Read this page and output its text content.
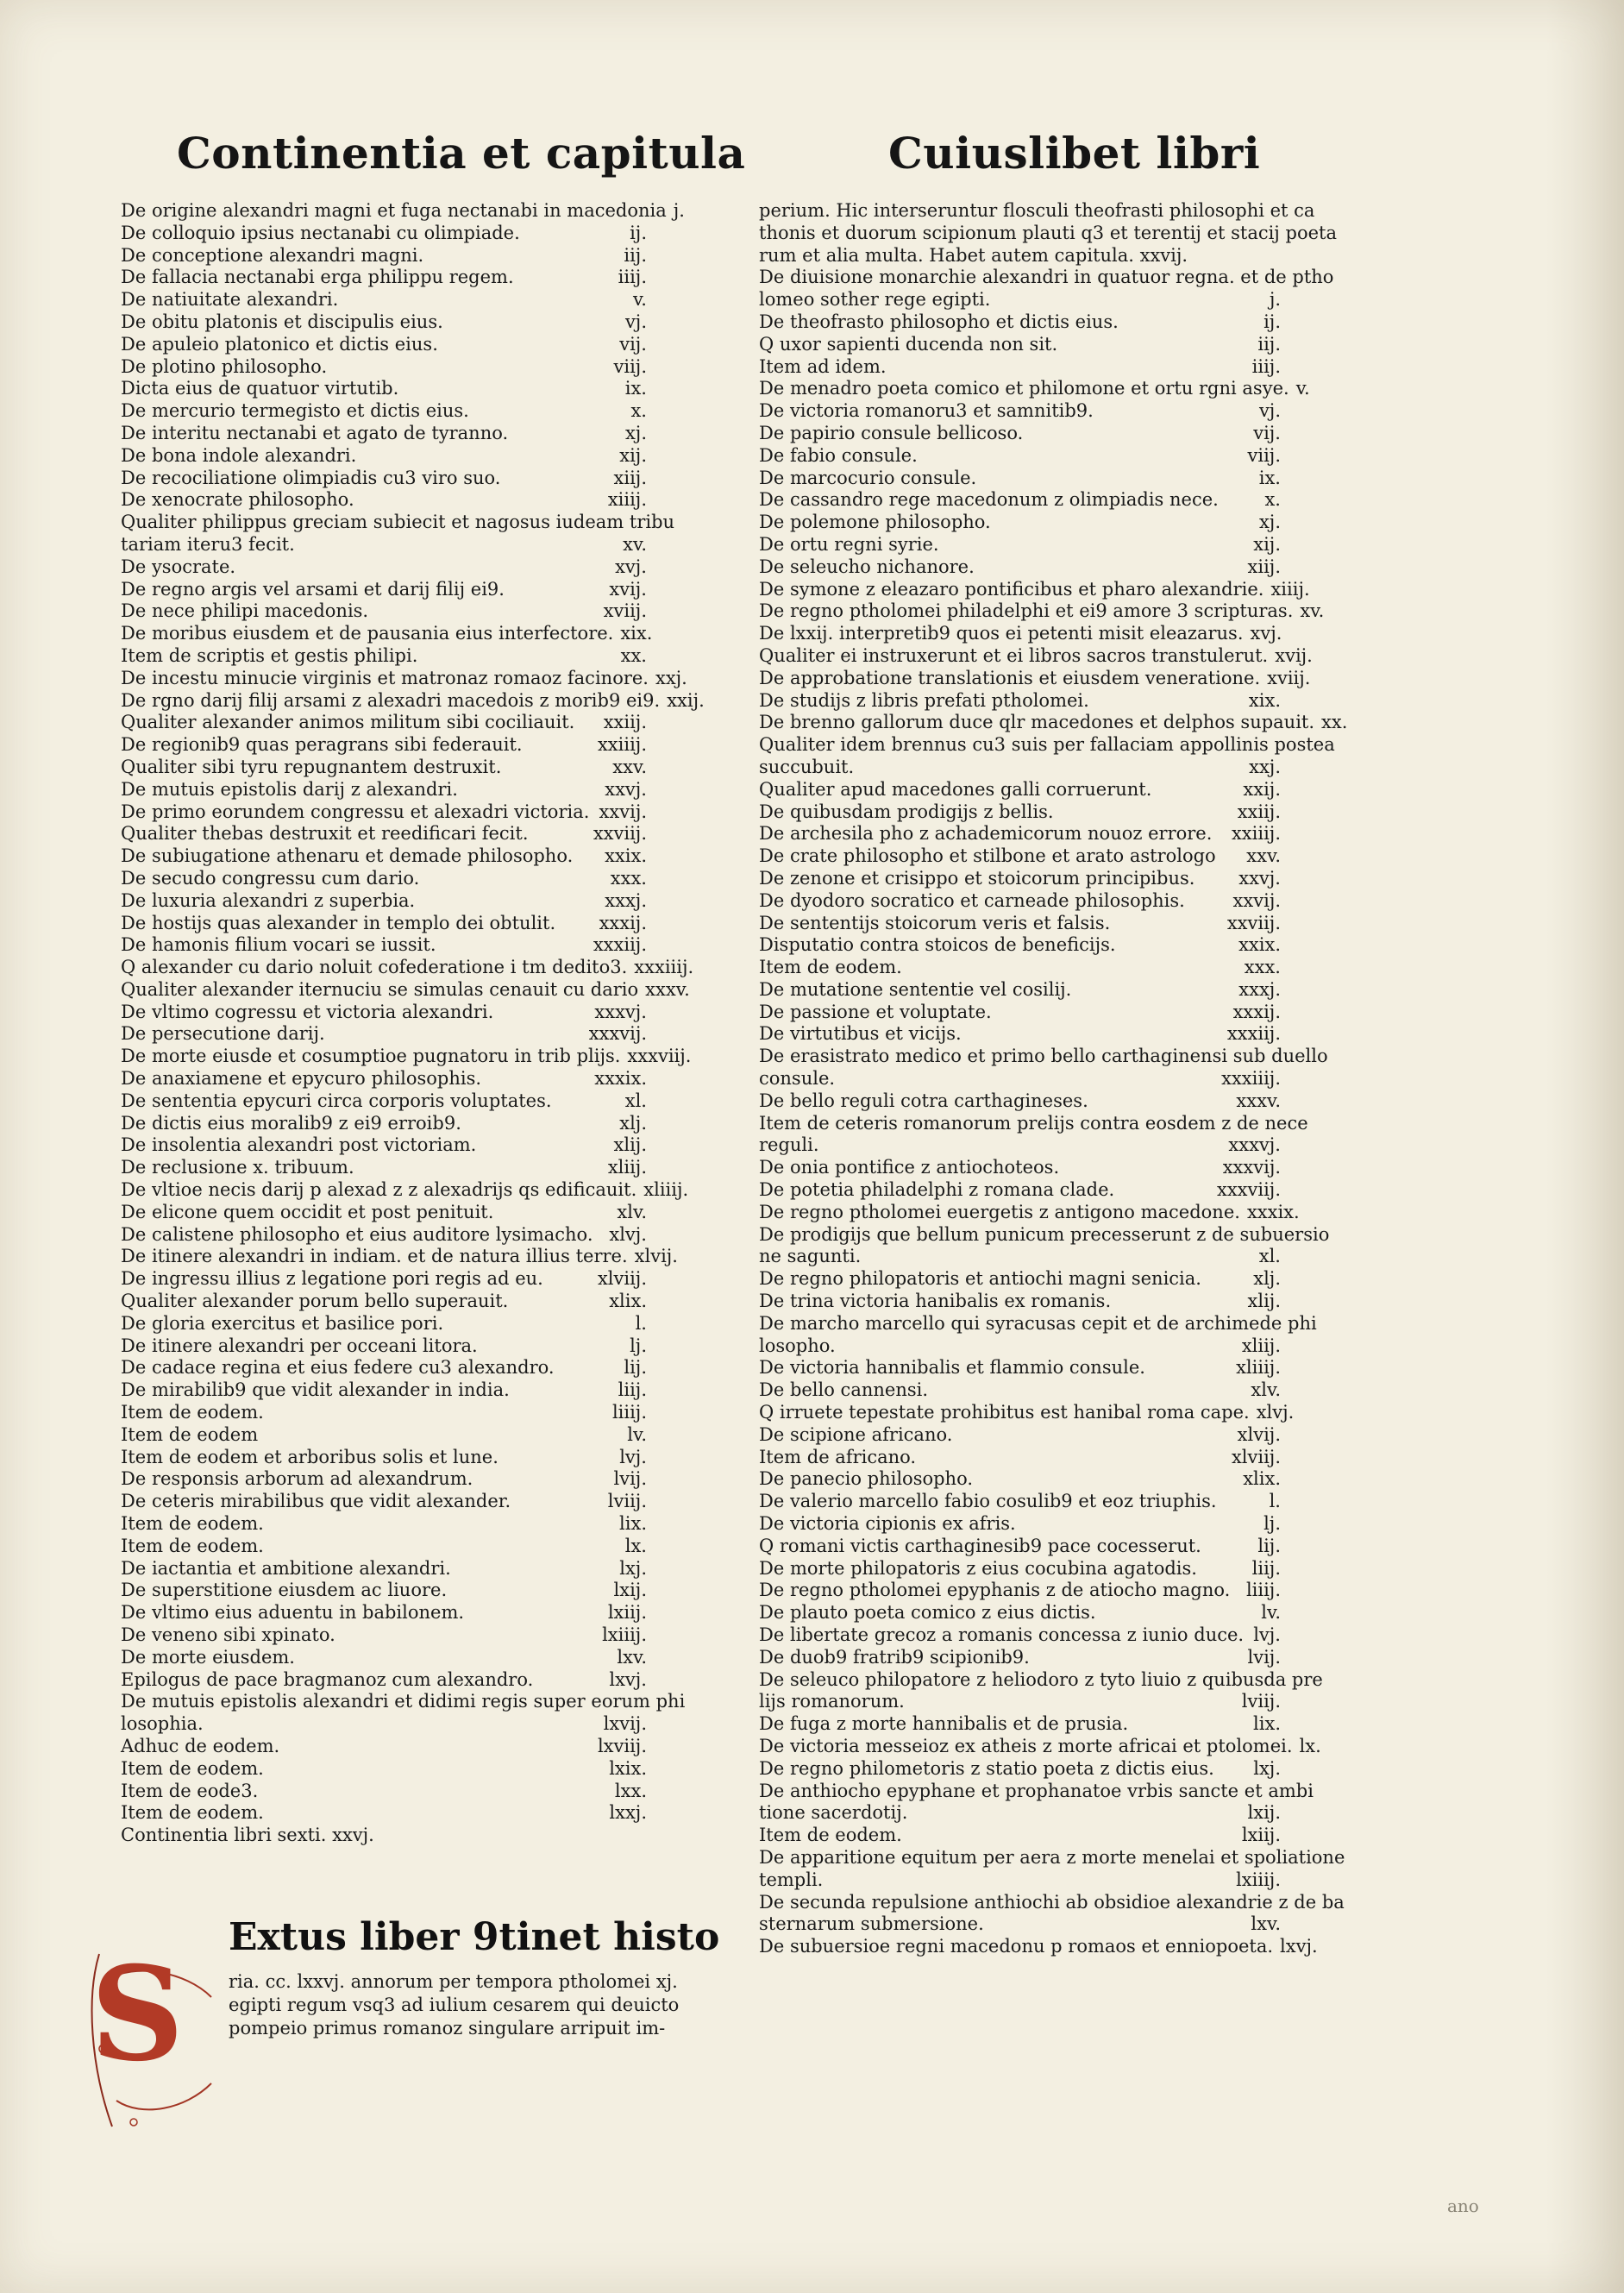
Continentia et capitula	Cuiuslibet libri
De origine alexandri magni et fuga nectanabi in macedonia j.
De colloquio ipsius nectanabi cu olimpiade.	ij.
De conceptione alexandri magni.	iij.
De fallacia nectanabi erga philippu regem.	iiij.
De natiuitate alexandri.	v.
De obitu platonis et discipulis eius.	vj.
De apuleio platonico et dictis eius.	vij.
De plotino philosopho.	viij.
Dicta eius de quatuor virtutib.	ix.
De mercurio termegisto et dictis eius.	x.
De interitu nectanabi et agato de tyranno.	xj.
De bona indole alexandri.	xij.
De recociliatione olimpiadis cu3 viro suo.	xiij.
De xenocrate philosopho.	xiiij.
Qualiter philippus greciam subiecit et nagosus iudeam tribu
tariam iteru3 fecit.	xv.
De ysocrate.	xvj.
De regno argis vel arsami et darij filij ei9.	xvij.
De nece philipi macedonis.	xviij.
De moribus eiusdem et de pausania eius interfectore. xix.
Item de scriptis et gestis philipi.	xx.
De incestu minucie virginis et matronaz romaoz facinore. xxj.
De rgno darij filij arsami z alexadri macedois z morib9 ei9. xxij.
Qualiter alexander animos militum sibi cociliauit.	xxiij.
De regionib9 quas peragrans sibi federauit.	xxiiij.
Qualiter sibi tyru repugnantem destruxit.	xxv.
De mutuis epistolis darij z alexandri.	xxvj.
De primo eorundem congressu et alexadri victoria. xxvij.
Qualiter thebas destruxit et reedificari fecit.	xxviij.
De subiugatione athenaru et demade philosopho.	xxix.
De secudo congressu cum dario.	xxx.
De luxuria alexandri z superbia.	xxxj.
De hostijs quas alexander in templo dei obtulit.	xxxij.
De hamonis filium vocari se iussit.	xxxiij.
Q alexander cu dario noluit cofederatione i tm dedito3. xxxiiij.
Qualiter alexander iternuciu se simulas cenauit cu dario xxxv.
De vltimo cogressu et victoria alexandri.	xxxvj.
De persecutione darij.	xxxvij.
De morte eiusde et cosumptioe pugnatoru in trib plijs. xxxviij.
De anaxiamene et epycuro philosophis.	xxxix.
De sententia epycuri circa corporis voluptates.	xl.
De dictis eius moralib9 z ei9 erroib9.	xlj.
De insolentia alexandri post victoriam.	xlij.
De reclusione x. tribuum.	xliij.
De vltioe necis darij p alexad z z alexadrijs qs edificauit. xliiij.
De elicone quem occidit et post penituit.	xlv.
De calistene philosopho et eius auditore lysimacho. xlvj.
De itinere alexandri in indiam. et de natura illius terre. xlvij.
De ingressu illius z legatione pori regis ad eu.	xlviij.
Qualiter alexander porum bello superauit.	xlix.
De gloria exercitus et basilice pori.	l.
De itinere alexandri per occeani litora.	lj.
De cadace regina et eius federe cu3 alexandro.	lij.
De mirabilib9 que vidit alexander in india.	liij.
Item de eodem.	liiij.
Item de eodem	lv.
Item de eodem et arboribus solis et lune.	lvj.
De responsis arborum ad alexandrum.	lvij.
De ceteris mirabilibus que vidit alexander.	lviij.
Item de eodem.	lix.
Item de eodem.	lx.
De iactantia et ambitione alexandri.	lxj.
De superstitione eiusdem ac liuore.	lxij.
De vltimo eius aduentu in babilonem.	lxiij.
De veneno sibi xpinato.	lxiiij.
De morte eiusdem.	lxv.
Epilogus de pace bragmanoz cum alexandro.	lxvj.
De mutuis epistolis alexandri et didimi regis super eorum phi
losophia.	lxvij.
Adhuc de eodem.	lxviij.
Item de eodem.	lxix.
Item de eode3.	lxx.
Item de eodem.	lxxj.
Continentia libri sexti. xxvj.
S
Extus liber 9tinet histo
ria. cc. lxxvj. annorum per tempora ptholomei xj.
egipti regum vsq3 ad iulium cesarem qui deuicto
pompeio primus romanoz singulare arripuit im-
perium. Hic interseruntur flosculi theofrasti philosophi et ca
thonis et duorum scipionum plauti q3 et terentij et stacij poeta
rum et alia multa. Habet autem capitula. xxvij.
De diuisione monarchie alexandri in quatuor regna. et de ptho
lomeo sother rege egipti.	j.
De theofrasto philosopho et dictis eius.	ij.
Q uxor sapienti ducenda non sit.	iij.
Item ad idem.	iiij.
De menadro poeta comico et philomone et ortu rgni asye. v.
De victoria romanoru3 et samnitib9.	vj.
De papirio consule bellicoso.	vij.
De fabio consule.	viij.
De marcocurio consule.	ix.
De cassandro rege macedonum z olimpiadis nece.	x.
De polemone philosopho.	xj.
De ortu regni syrie.	xij.
De seleucho nichanore.	xiij.
De symone z eleazaro pontificibus et pharo alexandrie. xiiij.
De regno ptholomei philadelphi et ei9 amore 3 scripturas. xv.
De lxxij. interpretib9 quos ei petenti misit eleazarus. xvj.
Qualiter ei instruxerunt et ei libros sacros transtulerut. xvij.
De approbatione translationis et eiusdem veneratione. xviij.
De studijs z libris prefati ptholomei.	xix.
De brenno gallorum duce qlr macedones et delphos supauit. xx.
Qualiter idem brennus cu3 suis per fallaciam appollinis postea
succubuit.	xxj.
Qualiter apud macedones galli corruerunt.	xxij.
De quibusdam prodigijs z bellis.	xxiij.
De archesila pho z achademicorum nouoz errore.	xxiiij.
De crate philosopho et stilbone et arato astrologo	xxv.
De zenone et crisippo et stoicorum principibus.	xxvj.
De dyodoro socratico et carneade philosophis.	xxvij.
De sententijs stoicorum veris et falsis.	xxviij.
Disputatio contra stoicos de beneficijs.	xxix.
Item de eodem.	xxx.
De mutatione sententie vel cosilij.	xxxj.
De passione et voluptate.	xxxij.
De virtutibus et vicijs.	xxxiij.
De erasistrato medico et primo bello carthaginensi sub duello
consule.	xxxiiij.
De bello reguli cotra carthagineses.	xxxv.
Item de ceteris romanorum prelijs contra eosdem z de nece
reguli.	xxxvj.
De onia pontifice z antiochoteos.	xxxvij.
De potetia philadelphi z romana clade.	xxxviij.
De regno ptholomei euergetis z antigono macedone. xxxix.
De prodigijs que bellum punicum precesserunt z de subuersio
ne sagunti.	xl.
De regno philopatoris et antiochi magni senicia.	xlj.
De trina victoria hanibalis ex romanis.	xlij.
De marcho marcello qui syracusas cepit et de archimede phi
losopho.	xliij.
De victoria hannibalis et flammio consule.	xliiij.
De bello cannensi.	xlv.
Q irruete tepestate prohibitus est hanibal roma cape. xlvj.
De scipione africano.	xlvij.
Item de africano.	xlviij.
De panecio philosopho.	xlix.
De valerio marcello fabio cosulib9 et eoz triuphis.	l.
De victoria cipionis ex afris.	lj.
Q romani victis carthaginesib9 pace cocesserut.	lij.
De morte philopatoris z eius cocubina agatodis.	liij.
De regno ptholomei epyphanis z de atiocho magno. liiij.
De plauto poeta comico z eius dictis.	lv.
De libertate grecoz a romanis concessa z iunio duce. lvj.
De duob9 fratrib9 scipionib9.	lvij.
De seleuco philopatore z heliodoro z tyto liuio z quibusda pre
lijs romanorum.	lviij.
De fuga z morte hannibalis et de prusia.	lix.
De victoria messeioz ex atheis z morte africai et ptolomei. lx.
De regno philometoris z statio poeta z dictis eius.	lxj.
De anthiocho epyphane et prophanatoe vrbis sancte et ambi
tione sacerdotij.	lxij.
Item de eodem.	lxiij.
De apparitione equitum per aera z morte menelai et spoliatione
templi.	lxiiij.
De secunda repulsione anthiochi ab obsidioe alexandrie z de ba
sternarum submersione.	lxv.
De subuersioe regni macedonu p romaos et enniopoeta. lxvj.
ano
